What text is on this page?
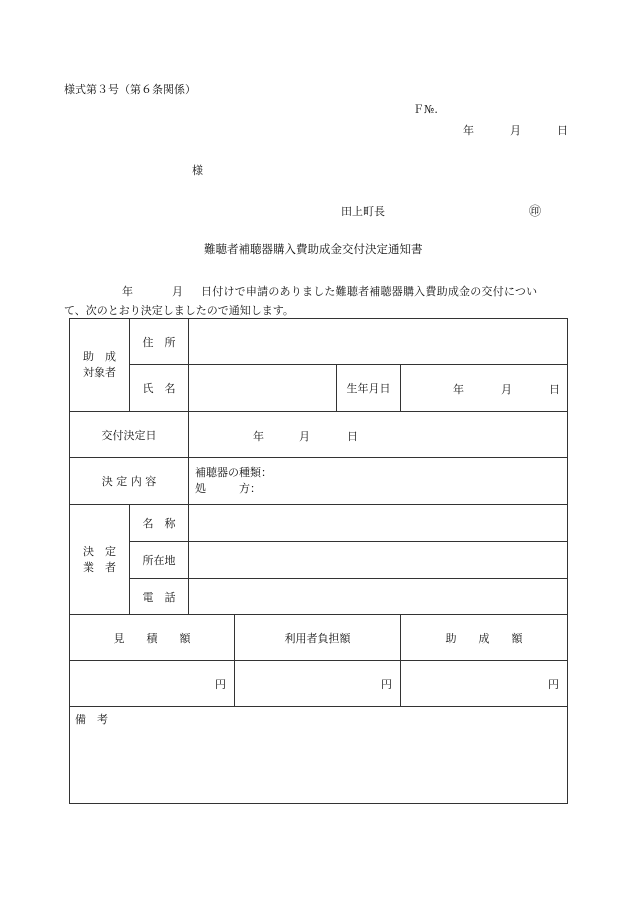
様式第３号（第６条関係）
Ｆ№.
年	月	日
様
田上町長	㊞
難聴者補聴器購入費助成金交付決定通知書
年	月 日付けで申請のありました難聴者補聴器購入費助成金の交付につい
て、次のとおり決定しましたので通知します。
助　成
対象者	住　所				
	氏　名			生年月日	年 月 日

交付決定日		年 月 日			

決 定 内 容		補聴器の種類：
処　　　方：			

決　定
業　者	名　称				
	所在地				
	電　話				
見　　積　　額			利用者負担額		助　　成　　額
円			円		円
備　考					
